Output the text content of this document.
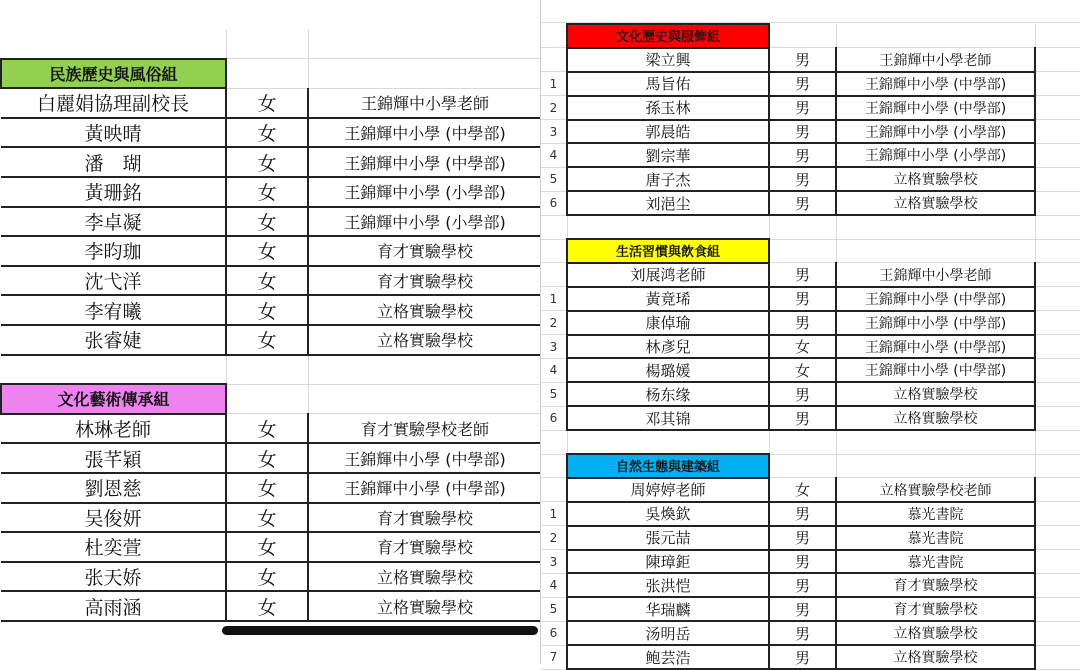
民族歷史與風俗組		
白麗娟協理副校長	女	王錦輝中小學老師
黃映晴	女	王錦輝中小學 (中學部)
潘　瑚	女	王錦輝中小學 (中學部)
黃珊銘	女	王錦輝中小學 (小學部)
李卓凝	女	王錦輝中小學 (小學部)
李昀珈	女	育才實驗學校
沈弋洋	女	育才實驗學校
李宥曦	女	立格實驗學校
张睿婕	女	立格實驗學校

文化藝術傳承組		
林琳老師	女	育才實驗學校老師
張芊穎	女	王錦輝中小學 (中學部)
劉恩慈	女	王錦輝中小學 (中學部)
吴俊妍	女	育才實驗學校
杜奕萱	女	育才實驗學校
张天娇	女	立格實驗學校
高雨涵	女	立格實驗學校
	文化歷史與服飾組			
	梁立興	男	王錦輝中小學老師	
1	馬旨佑	男	王錦輝中小學 (中學部)	
2	孫玉林	男	王錦輝中小學 (中學部)	
3	郭晨皓	男	王錦輝中小學 (小學部)	
4	劉宗華	男	王錦輝中小學 (小學部)	
5	唐子杰	男	立格實驗學校	
6	刘浥尘	男	立格實驗學校	

	生活習慣與飲食組			
	刘展鸿老師	男	王錦輝中小學老師	
1	黃竟琋	男	王錦輝中小學 (中學部)	
2	康倬瑜	男	王錦輝中小學 (中學部)	
3	林彥兒	女	王錦輝中小學 (中學部)	
4	楊璐媛	女	王錦輝中小學 (中學部)	
5	杨东缘	男	立格實驗學校	
6	邓其锦	男	立格實驗學校	

	自然生態與建築組			
	周婷婷老師	女	立格實驗學校老師	
1	吳煥欽	男	慕光書院	
2	張元喆	男	慕光書院	
3	陳璋鉅	男	慕光書院	
4	张洪恺	男	育才實驗學校	
5	华瑞麟	男	育才實驗學校	
6	汤明岳	男	立格實驗學校	
7	鲍芸浩	男	立格實驗學校	
